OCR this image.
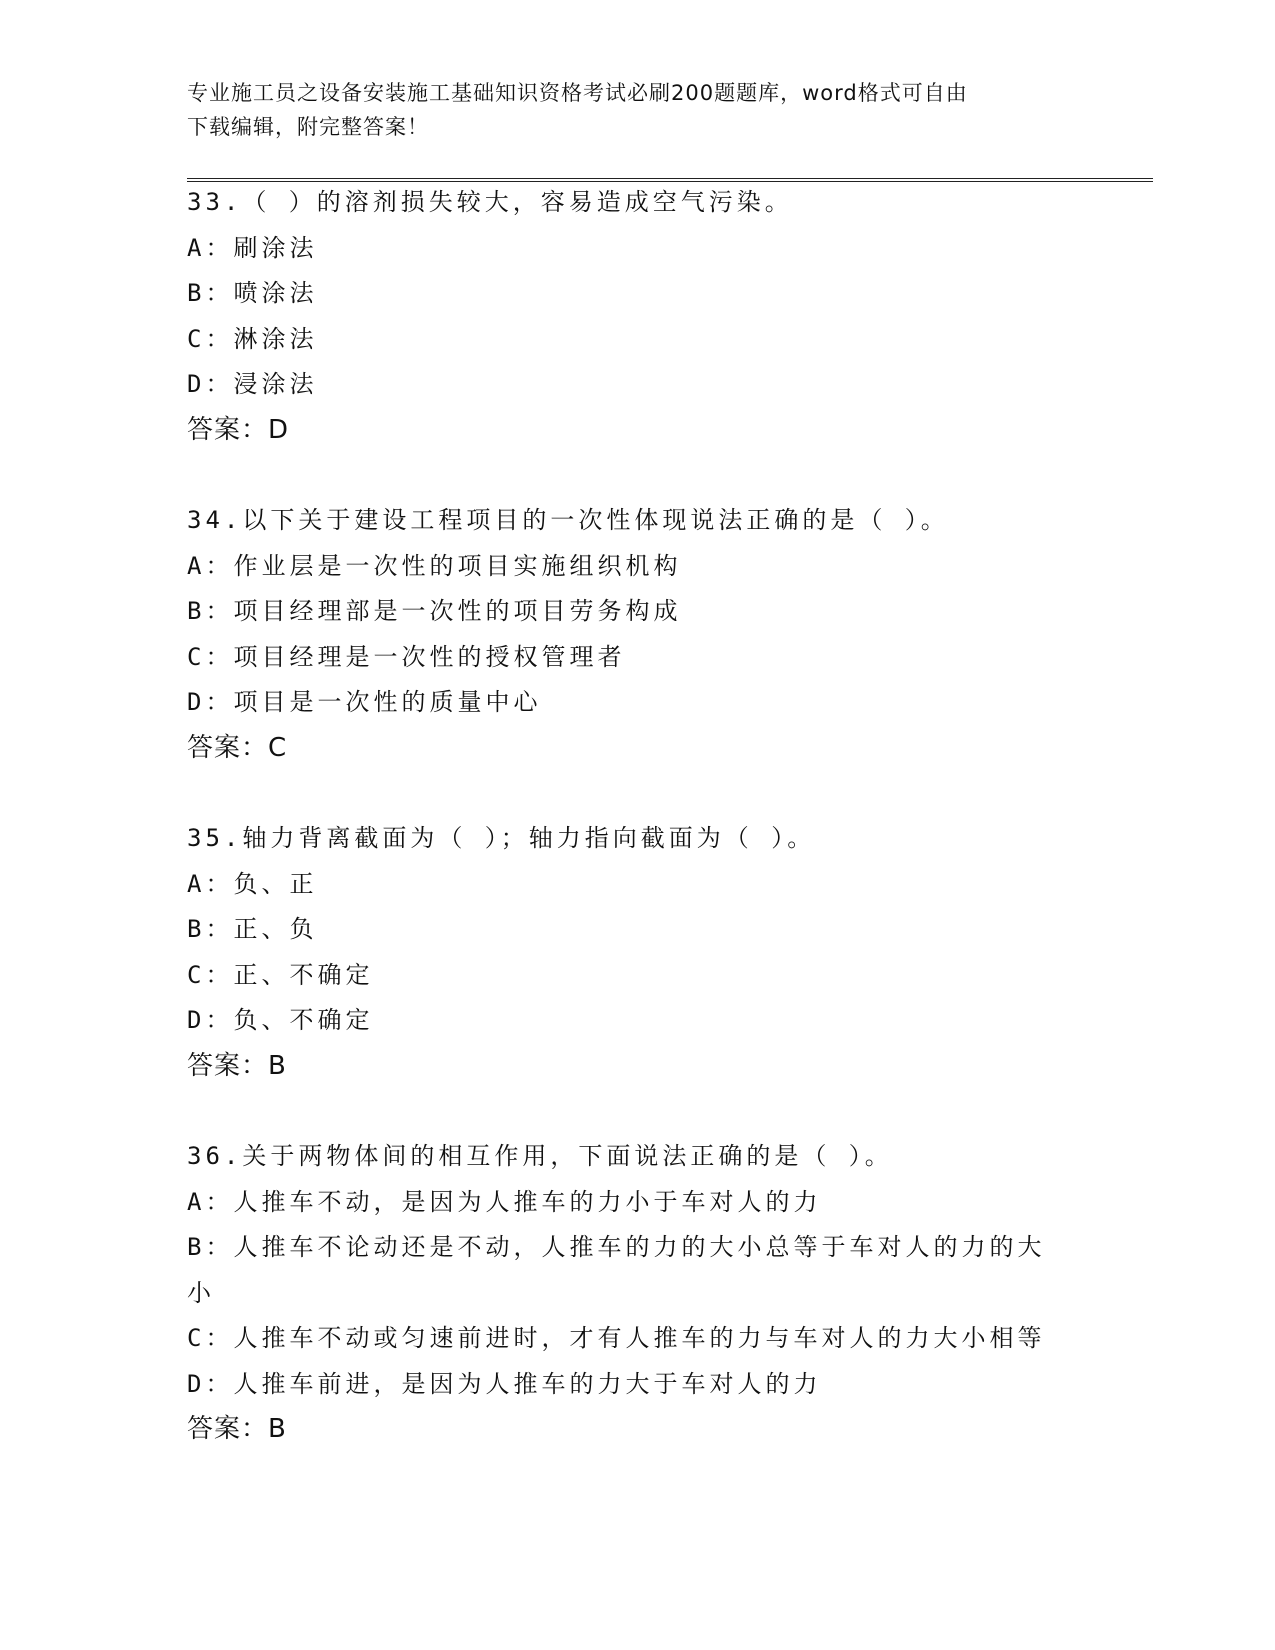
专业施工员之设备安装施工基础知识资格考试必刷200题题库，word格式可自由
下载编辑，附完整答案！
33.（ ）的溶剂损失较大，容易造成空气污染。
A：刷涂法
B：喷涂法
C：淋涂法
D：浸涂法
答案：D
34.以下关于建设工程项目的一次性体现说法正确的是（ ）。
A：作业层是一次性的项目实施组织机构
B：项目经理部是一次性的项目劳务构成
C：项目经理是一次性的授权管理者
D：项目是一次性的质量中心
答案：C
35.轴力背离截面为（ ）；轴力指向截面为（ ）。
A：负、正
B：正、负
C：正、不确定
D：负、不确定
答案：B
36.关于两物体间的相互作用，下面说法正确的是（ ）。
A：人推车不动，是因为人推车的力小于车对人的力
B：人推车不论动还是不动，人推车的力的大小总等于车对人的力的大小
C：人推车不动或匀速前进时，才有人推车的力与车对人的力大小相等
D：人推车前进，是因为人推车的力大于车对人的力
答案：B
